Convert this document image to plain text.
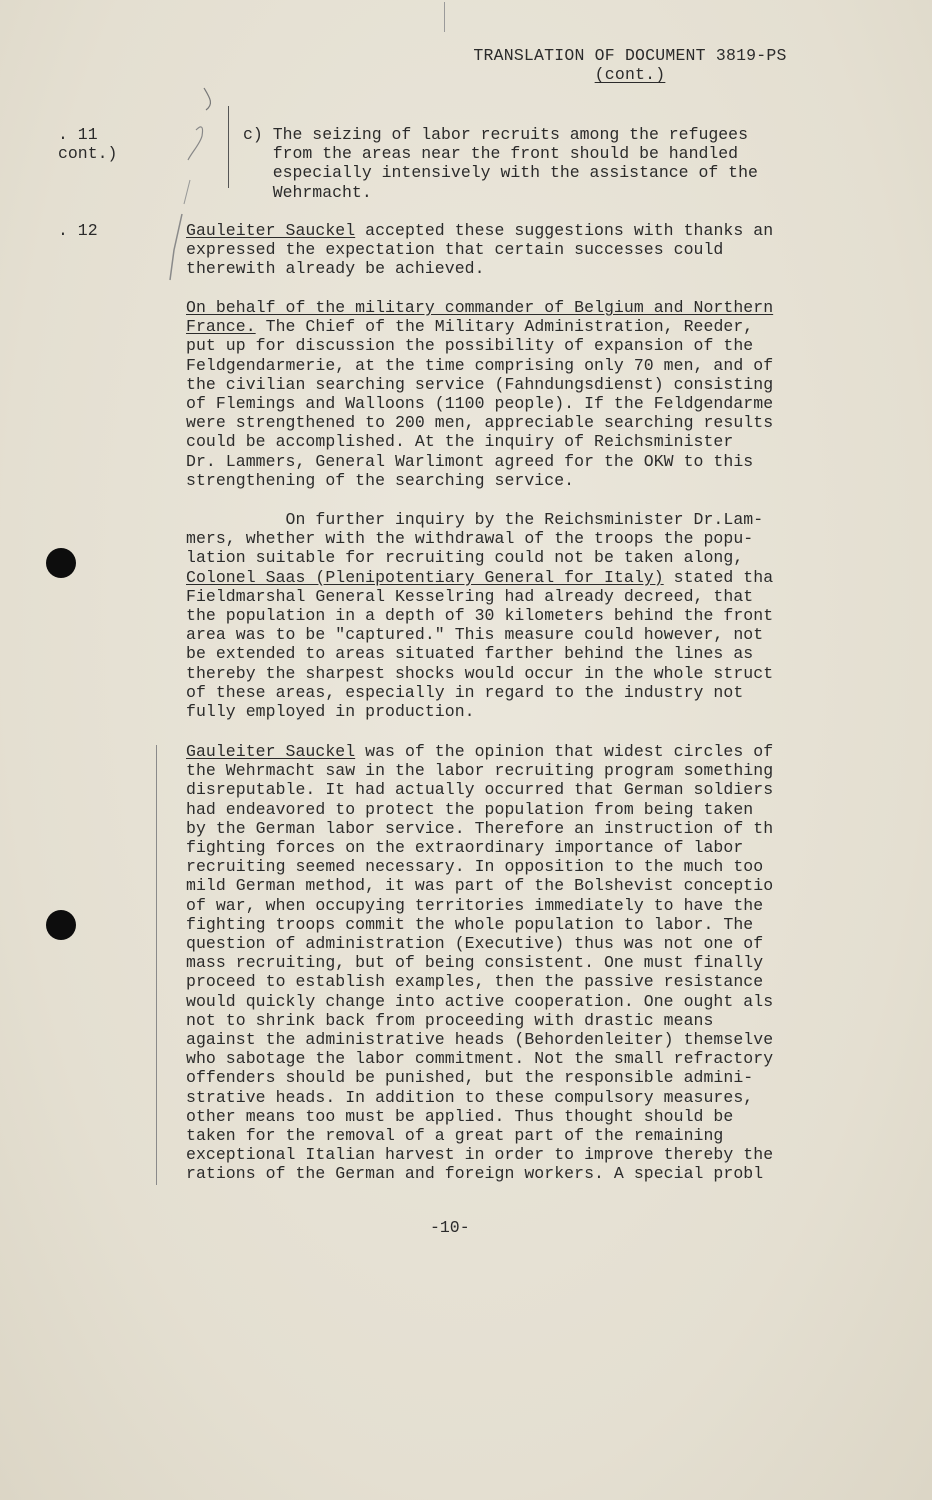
TRANSLATION OF DOCUMENT 3819-PS
(cont.)
. 11
cont.)
. 12
c) The seizing of labor recruits among the refugees
from the areas near the front should be handled
especially intensively with the assistance of the
Wehrmacht.
Gauleiter Sauckel accepted these suggestions with thanks an
expressed the expectation that certain successes could
therewith already be achieved.
On behalf of the military commander of Belgium and Northern
France. The Chief of the Military Administration, Reeder,
put up for discussion the possibility of expansion of the
Feldgendarmerie, at the time comprising only 70 men, and of
the civilian searching service (Fahndungsdienst) consisting
of Flemings and Walloons (1100 people). If the Feldgendarme
were strengthened to 200 men, appreciable searching results
could be accomplished. At the inquiry of Reichsminister
Dr. Lammers, General Warlimont agreed for the OKW to this
strengthening of the searching service.
On further inquiry by the Reichsminister Dr.Lam-
mers, whether with the withdrawal of the troops the popu-
lation suitable for recruiting could not be taken along,
Colonel Saas (Plenipotentiary General for Italy) stated tha
Fieldmarshal General Kesselring had already decreed, that
the population in a depth of 30 kilometers behind the front
area was to be "captured." This measure could however, not
be extended to areas situated farther behind the lines as
thereby the sharpest shocks would occur in the whole struct
of these areas, especially in regard to the industry not
fully employed in production.
Gauleiter Sauckel was of the opinion that widest circles of
the Wehrmacht saw in the labor recruiting program something
disreputable. It had actually occurred that German soldiers
had endeavored to protect the population from being taken
by the German labor service. Therefore an instruction of th
fighting forces on the extraordinary importance of labor
recruiting seemed necessary. In opposition to the much too
mild German method, it was part of the Bolshevist conceptio
of war, when occupying territories immediately to have the
fighting troops commit the whole population to labor. The
question of administration (Executive) thus was not one of
mass recruiting, but of being consistent. One must finally
proceed to establish examples, then the passive resistance
would quickly change into active cooperation. One ought als
not to shrink back from proceeding with drastic means
against the administrative heads (Behordenleiter) themselve
who sabotage the labor commitment. Not the small refractory
offenders should be punished, but the responsible admini-
strative heads. In addition to these compulsory measures,
other means too must be applied. Thus thought should be
taken for the removal of a great part of the remaining
exceptional Italian harvest in order to improve thereby the
rations of the German and foreign workers. A special probl
-10-
